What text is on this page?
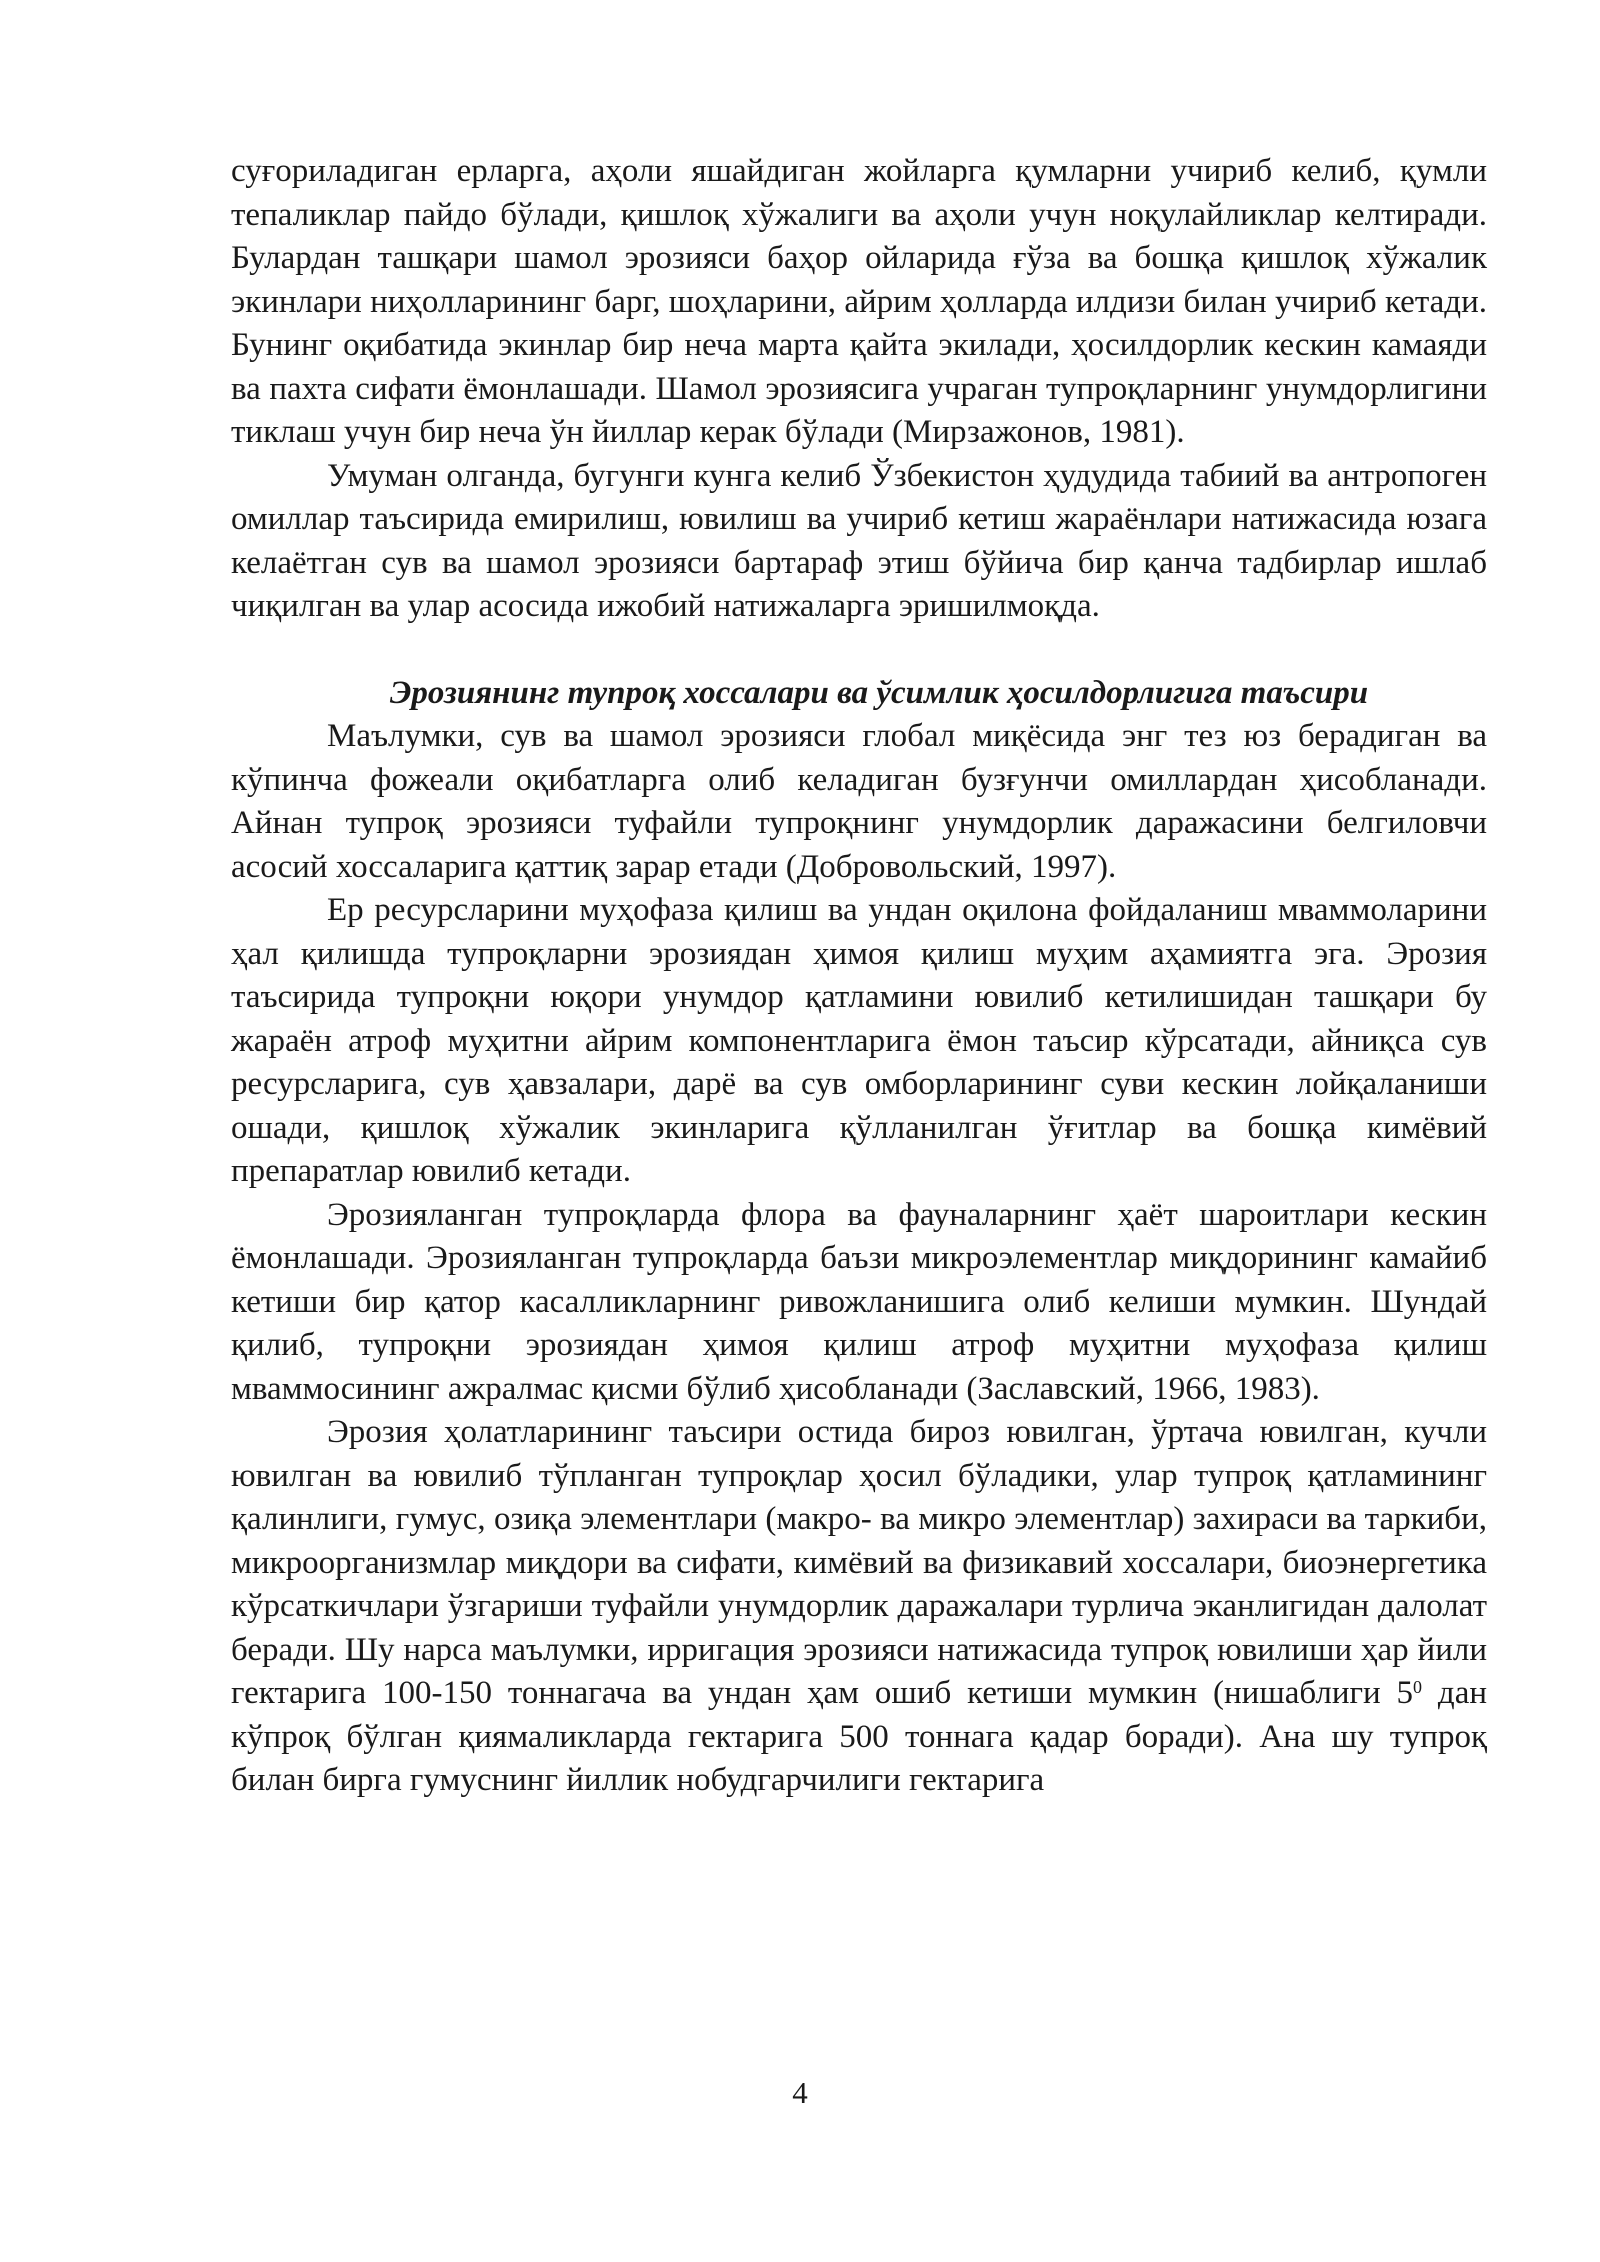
суғориладиган ерларга, аҳоли яшайдиган жойларга қумларни учириб келиб, қумли тепаликлар пайдо бўлади, қишлоқ хўжалиги ва аҳоли учун ноқулайликлар келтиради. Булардан ташқари шамол эрозияси баҳор ойларида ғўза ва бошқа қишлоқ хўжалик экинлари ниҳолларининг барг, шоҳларини, айрим ҳолларда илдизи билан учириб кетади. Бунинг оқибатида экинлар бир неча марта қайта экилади, ҳосилдорлик кескин камаяди ва пахта сифати ёмонлашади. Шамол эрозиясига учраган тупроқларнинг унумдорлигини тиклаш учун бир неча ўн йиллар керак бўлади (Мирзажонов, 1981).

Умуман олганда, бугунги кунга келиб Ўзбекистон ҳудудида табиий ва антропоген омиллар таъсирида емирилиш, ювилиш ва учириб кетиш жараёнлари натижасида юзага келаётган сув ва шамол эрозияси бартараф этиш бўйича бир қанча тадбирлар ишлаб чиқилган ва улар асосида ижобий натижаларга эришилмоқда.

Эрозиянинг тупроқ хоссалари ва ўсимлик ҳосилдорлигига таъсири

Маълумки, сув ва шамол эрозияси глобал миқёсида энг тез юз берадиган ва кўпинча фожеали оқибатларга олиб келадиган бузғунчи омиллардан ҳисобланади. Айнан тупроқ эрозияси туфайли тупроқнинг унумдорлик даражасини белгиловчи асосий хоссаларига қаттиқ зарар етади (Добровольский, 1997).

Ер ресурсларини муҳофаза қилиш ва ундан оқилона фойдаланиш мваммоларини ҳал қилишда тупроқларни эрозиядан ҳимоя қилиш муҳим аҳамиятга эга. Эрозия таъсирида тупроқни юқори унумдор қатламини ювилиб кетилишидан ташқари бу жараён атроф муҳитни айрим компонентларига ёмон таъсир кўрсатади, айниқса сув ресурсларига, сув ҳавзалари, дарё ва сув омборларининг суви кескин лойқаланиши ошади, қишлоқ хўжалик экинларига қўлланилган ўғитлар ва бошқа кимёвий препаратлар ювилиб кетади.

Эрозияланган тупроқларда флора ва фауналарнинг ҳаёт шароитлари кескин ёмонлашади. Эрозияланган тупроқларда баъзи микроэлементлар миқдорининг камайиб кетиши бир қатор касалликларнинг ривожланишига олиб келиши мумкин. Шундай қилиб, тупроқни эрозиядан ҳимоя қилиш атроф муҳитни муҳофаза қилиш мваммосининг ажралмас қисми бўлиб ҳисобланади (Заславский, 1966, 1983).

Эрозия ҳолатларининг таъсири остида бироз ювилган, ўртача ювилган, кучли ювилган ва ювилиб тўпланган тупроқлар ҳосил бўладики, улар тупроқ қатламининг қалинлиги, гумус, озиқа элементлари (макро- ва микро элементлар) захираси ва таркиби, микроорганизмлар миқдори ва сифати, кимёвий ва физикавий хоссалари, биоэнергетика кўрсаткичлари ўзгариши туфайли унумдорлик даражалари турлича эканлигидан далолат беради. Шу нарса маълумки, ирригация эрозияси натижасида тупроқ ювилиши ҳар йили гектарига 100-150 тоннагача ва ундан ҳам ошиб кетиши мумкин (нишаблиги $5^0$ дан кўпроқ бўлган қиямаликларда гектарига 500 тоннага қадар боради). Ана шу тупроқ билан бирга гумуснинг йиллик нобудгарчилиги гектарига

4
